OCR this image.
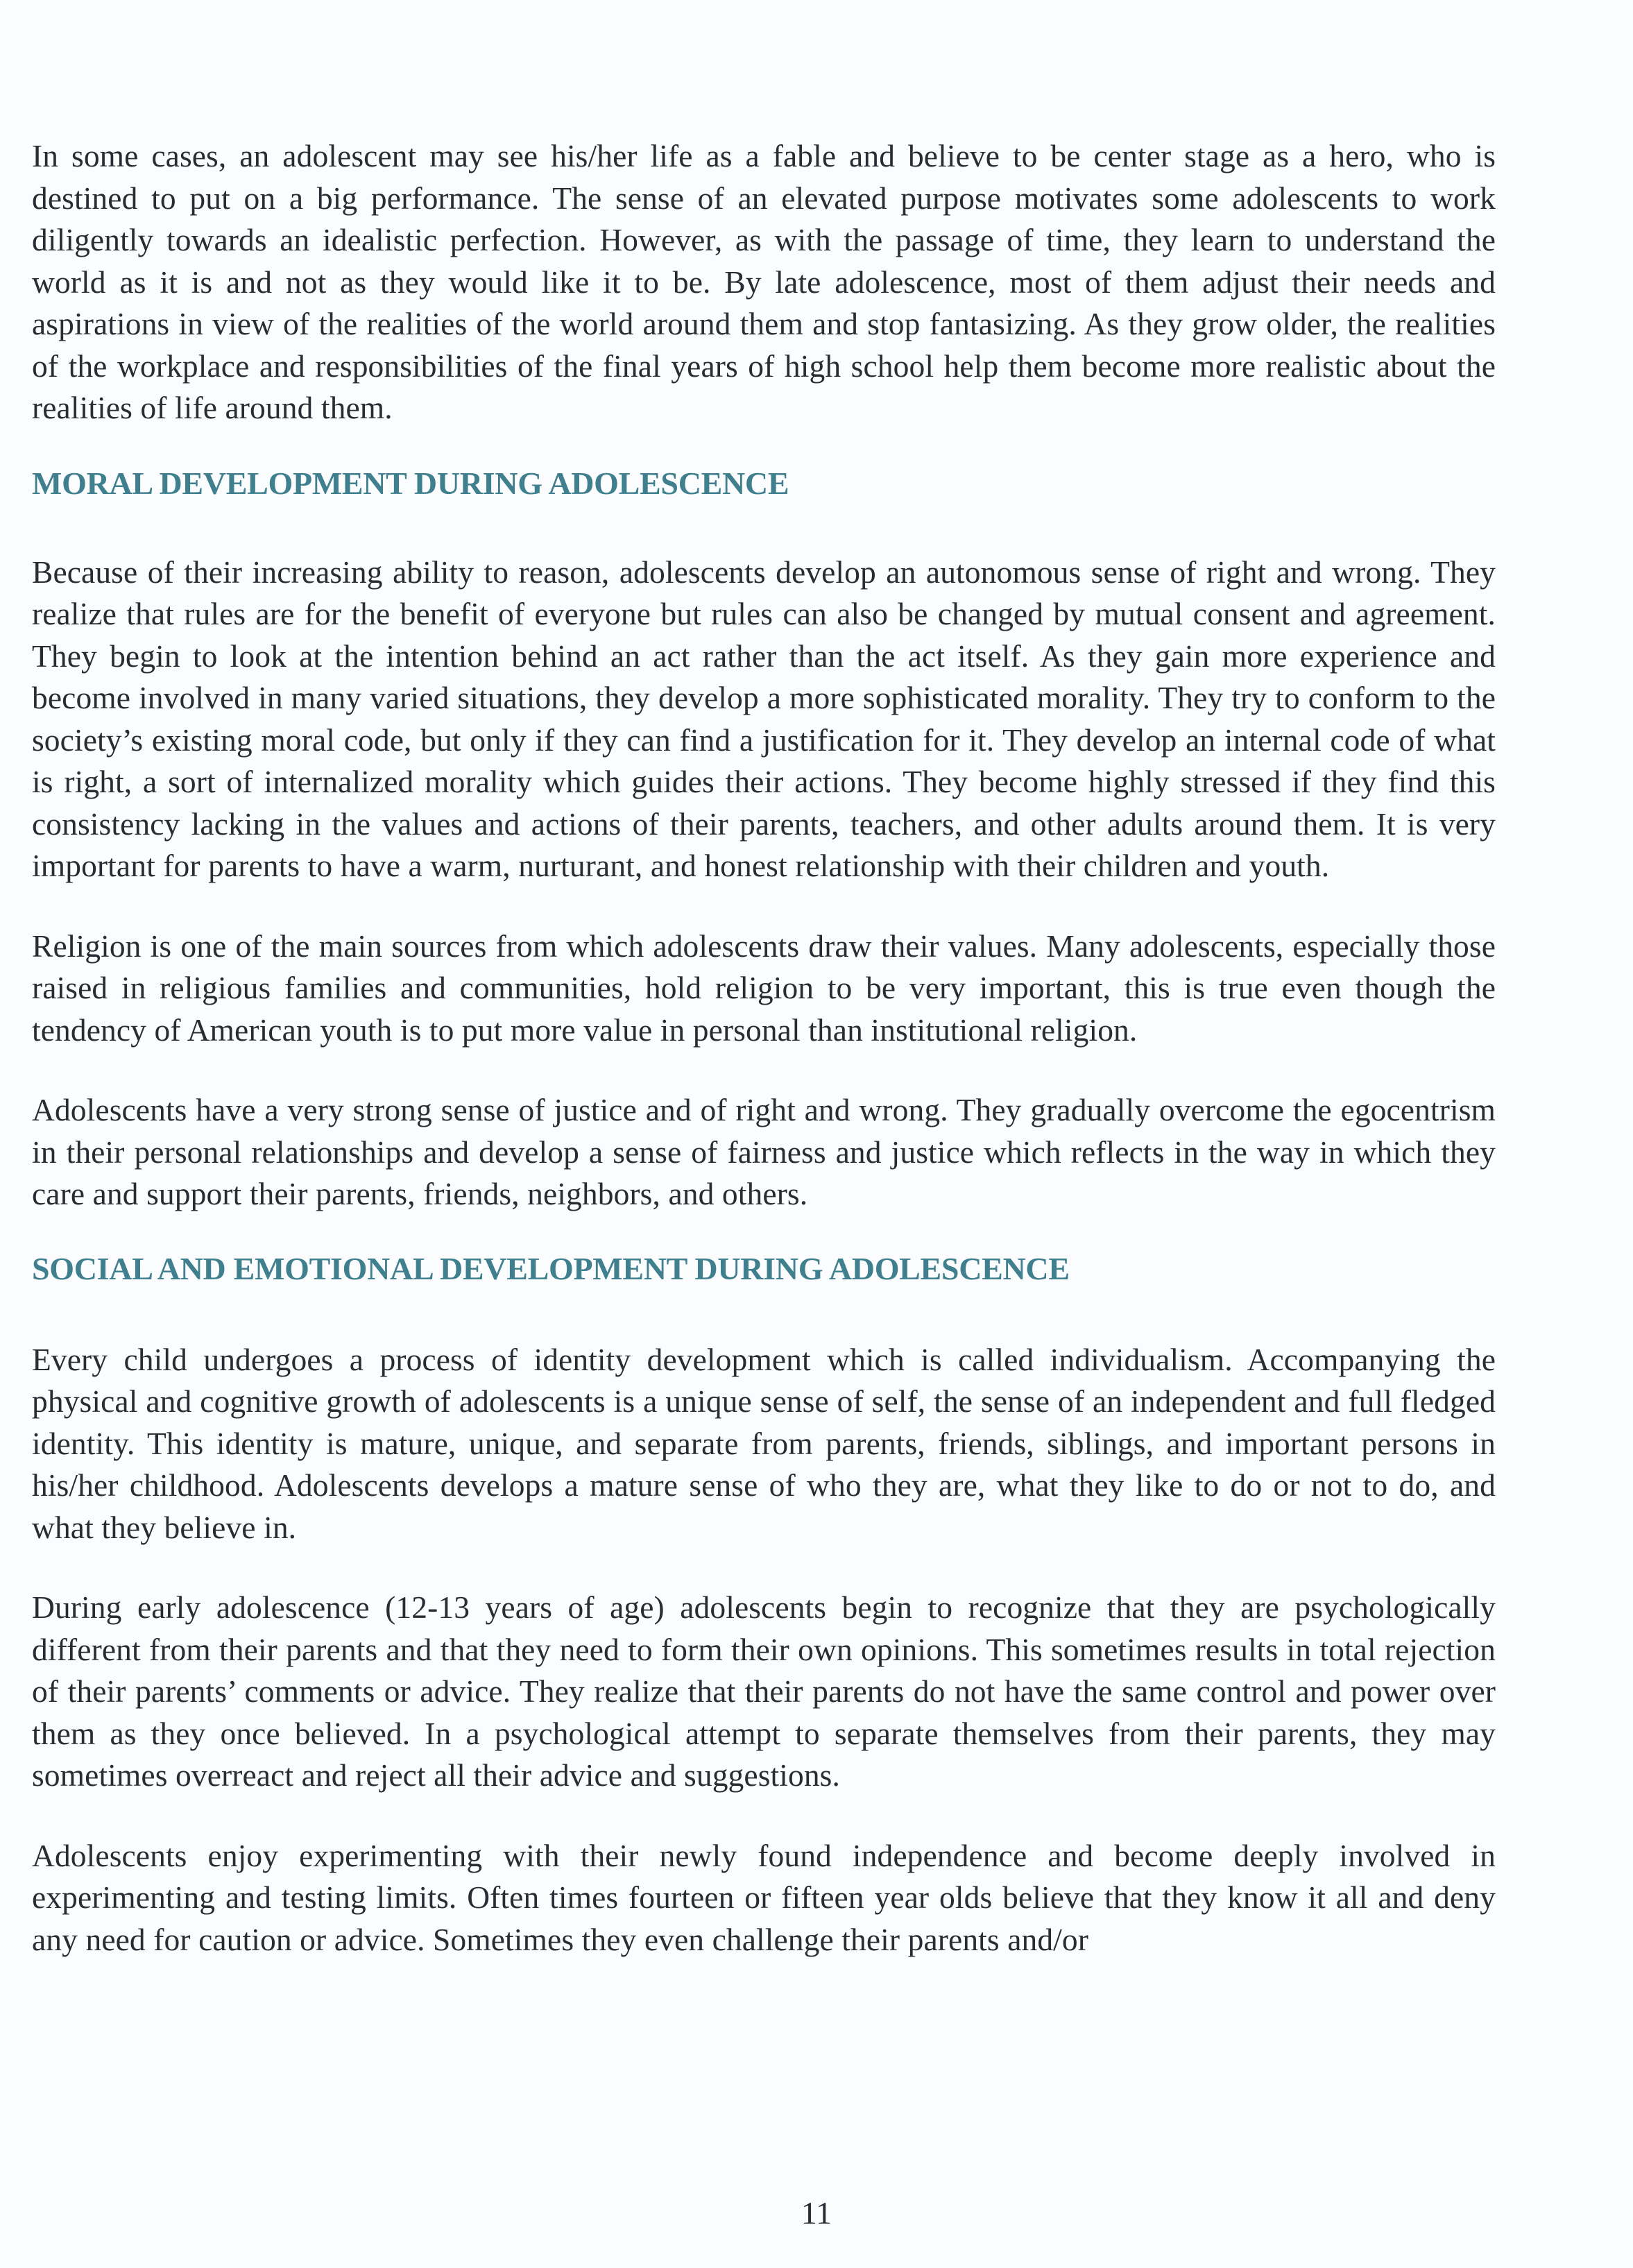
In some cases, an adolescent may see his/her life as a fable and believe to be center stage as a hero, who is destined to put on a big performance. The sense of an elevated purpose motivates some adolescents to work diligently towards an idealistic perfection. However, as with the passage of time, they learn to understand the world as it is and not as they would like it to be. By late adolescence, most of them adjust their needs and aspirations in view of the realities of the world around them and stop fantasizing. As they grow older, the realities of the workplace and responsibilities of the final years of high school help them become more realistic about the realities of life around them.

MORAL DEVELOPMENT DURING ADOLESCENCE

Because of their increasing ability to reason, adolescents develop an autonomous sense of right and wrong. They realize that rules are for the benefit of everyone but rules can also be changed by mutual consent and agreement. They begin to look at the intention behind an act rather than the act itself. As they gain more experience and become involved in many varied situations, they develop a more sophisticated morality. They try to conform to the society’s existing moral code, but only if they can find a justification for it. They develop an internal code of what is right, a sort of internalized morality which guides their actions. They become highly stressed if they find this consistency lacking in the values and actions of their parents, teachers, and other adults around them. It is very important for parents to have a warm, nurturant, and honest relationship with their children and youth.

Religion is one of the main sources from which adolescents draw their values. Many adolescents, especially those raised in religious families and communities, hold religion to be very important, this is true even though the tendency of American youth is to put more value in personal than institutional religion.

Adolescents have a very strong sense of justice and of right and wrong. They gradually overcome the egocentrism in their personal relationships and develop a sense of fairness and justice which reflects in the way in which they care and support their parents, friends, neighbors, and others.

SOCIAL AND EMOTIONAL DEVELOPMENT DURING ADOLESCENCE

Every child undergoes a process of identity development which is called individualism. Accompanying the physical and cognitive growth of adolescents is a unique sense of self, the sense of an independent and full fledged identity. This identity is mature, unique, and separate from parents, friends, siblings, and important persons in his/her childhood. Adolescents develops a mature sense of who they are, what they like to do or not to do, and what they believe in.

During early adolescence (12-13 years of age) adolescents begin to recognize that they are psychologically different from their parents and that they need to form their own opinions. This sometimes results in total rejection of their parents’ comments or advice. They realize that their parents do not have the same control and power over them as they once believed. In a psychological attempt to separate themselves from their parents, they may sometimes overreact and reject all their advice and suggestions.

Adolescents enjoy experimenting with their newly found independence and become deeply involved in experimenting and testing limits. Often times fourteen or fifteen year olds believe that they know it all and deny any need for caution or advice. Sometimes they even challenge their parents and/or

11
